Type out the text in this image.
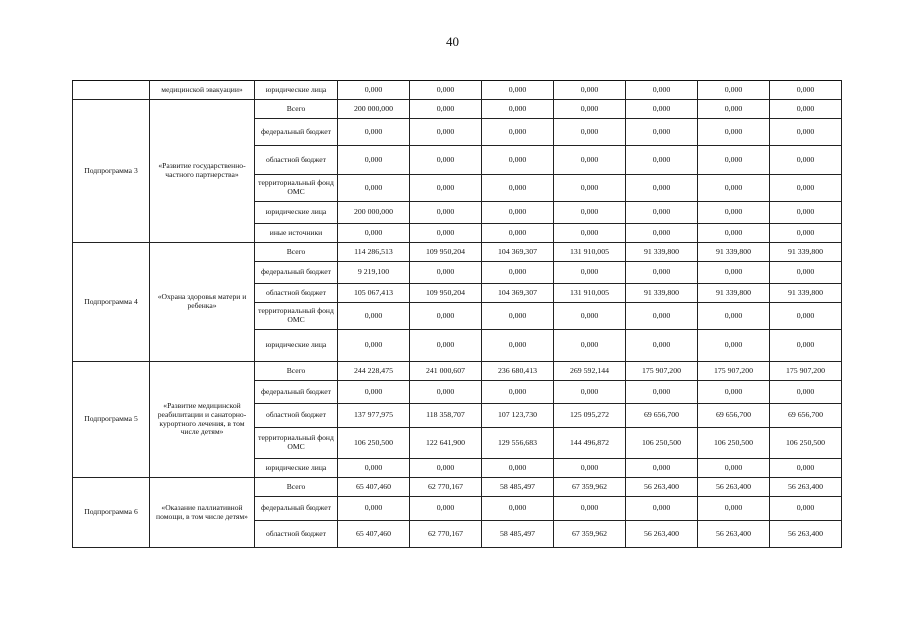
40
	медицинской эвакуации»	юридические лица	0,000	0,000	0,000	0,000	0,000	0,000	0,000
Подпрограмма 3	«Развитие государственно-частного партнерства»	Всего	200 000,000	0,000	0,000	0,000	0,000	0,000	0,000
		федеральный бюджет	0,000	0,000	0,000	0,000	0,000	0,000	0,000
		областной бюджет	0,000	0,000	0,000	0,000	0,000	0,000	0,000
		территориальный фонд ОМС	0,000	0,000	0,000	0,000	0,000	0,000	0,000
		юридические лица	200 000,000	0,000	0,000	0,000	0,000	0,000	0,000
		иные источники	0,000	0,000	0,000	0,000	0,000	0,000	0,000
Подпрограмма 4	«Охрана здоровья матери и ребенка»	Всего	114 286,513	109 950,204	104 369,307	131 910,005	91 339,800	91 339,800	91 339,800
		федеральный бюджет	9 219,100	0,000	0,000	0,000	0,000	0,000	0,000
		областной бюджет	105 067,413	109 950,204	104 369,307	131 910,005	91 339,800	91 339,800	91 339,800
		территориальный фонд ОМС	0,000	0,000	0,000	0,000	0,000	0,000	0,000
		юридические лица	0,000	0,000	0,000	0,000	0,000	0,000	0,000
Подпрограмма 5	«Развитие медицинской реабилитации и санаторно-курортного лечения, в том числе детям»	Всего	244 228,475	241 000,607	236 680,413	269 592,144	175 907,200	175 907,200	175 907,200
		федеральный бюджет	0,000	0,000	0,000	0,000	0,000	0,000	0,000
		областной бюджет	137 977,975	118 358,707	107 123,730	125 095,272	69 656,700	69 656,700	69 656,700
		территориальный фонд ОМС	106 250,500	122 641,900	129 556,683	144 496,872	106 250,500	106 250,500	106 250,500
		юридические лица	0,000	0,000	0,000	0,000	0,000	0,000	0,000
Подпрограмма 6	«Оказание паллиативной помощи, в том числе детям»	Всего	65 407,460	62 770,167	58 485,497	67 359,962	56 263,400	56 263,400	56 263,400
		федеральный бюджет	0,000	0,000	0,000	0,000	0,000	0,000	0,000
		областной бюджет	65 407,460	62 770,167	58 485,497	67 359,962	56 263,400	56 263,400	56 263,400
